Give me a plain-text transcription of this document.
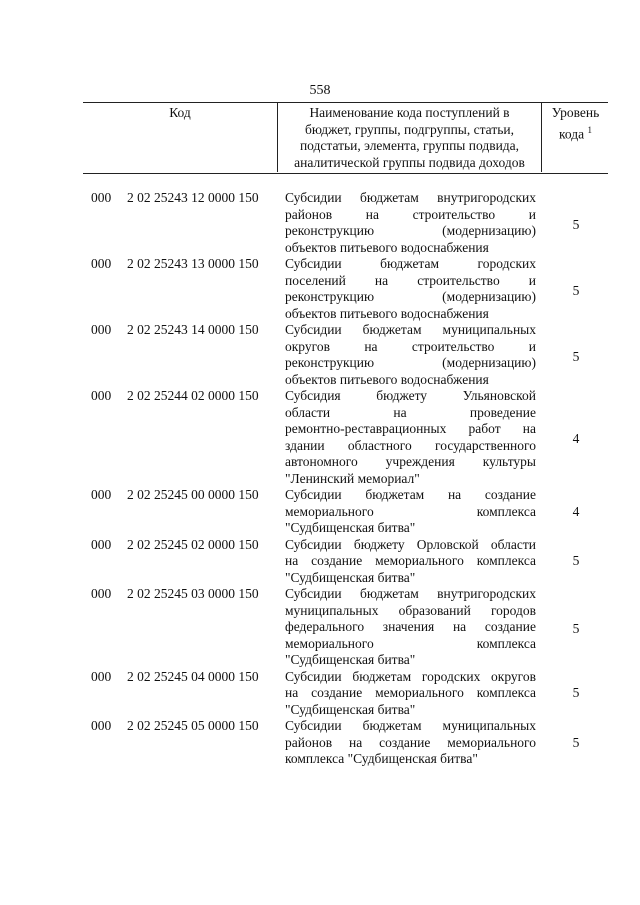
558
Код	Наименование кода поступлений в
бюджет, группы, подгруппы, статьи,
подстатьи, элемента, группы подвида,
аналитической группы подвида доходов
Уровень
кода $^1$
000 2 02 25243 12 0000 150 Субсидии бюджетам внутригородских
районов на строительство и
реконструкцию (модернизацию)
объектов питьевого водоснабжения
5
000 2 02 25243 13 0000 150 Субсидии бюджетам городских
поселений на строительство и
реконструкцию (модернизацию)
объектов питьевого водоснабжения
5
000 2 02 25243 14 0000 150 Субсидии бюджетам муниципальных
округов на строительство и
реконструкцию (модернизацию)
объектов питьевого водоснабжения
5
000 2 02 25244 02 0000 150 Субсидия бюджету Ульяновской
области на проведение
ремонтно-реставрационных работ на
здании областного государственного
автономного учреждения культуры
"Ленинский мемориал"
4
000 2 02 25245 00 0000 150 Субсидии бюджетам на создание
мемориального комплекса
"Судбищенская битва"
4
000 2 02 25245 02 0000 150 Субсидии бюджету Орловской области
на создание мемориального комплекса
"Судбищенская битва"
5
000 2 02 25245 03 0000 150 Субсидии бюджетам внутригородских
муниципальных образований городов
федерального значения на создание
мемориального комплекса
"Судбищенская битва"
5
000 2 02 25245 04 0000 150 Субсидии бюджетам городских округов
на создание мемориального комплекса
"Судбищенская битва"
5
000 2 02 25245 05 0000 150 Субсидии бюджетам муниципальных
районов на создание мемориального
комплекса "Судбищенская битва"
5
